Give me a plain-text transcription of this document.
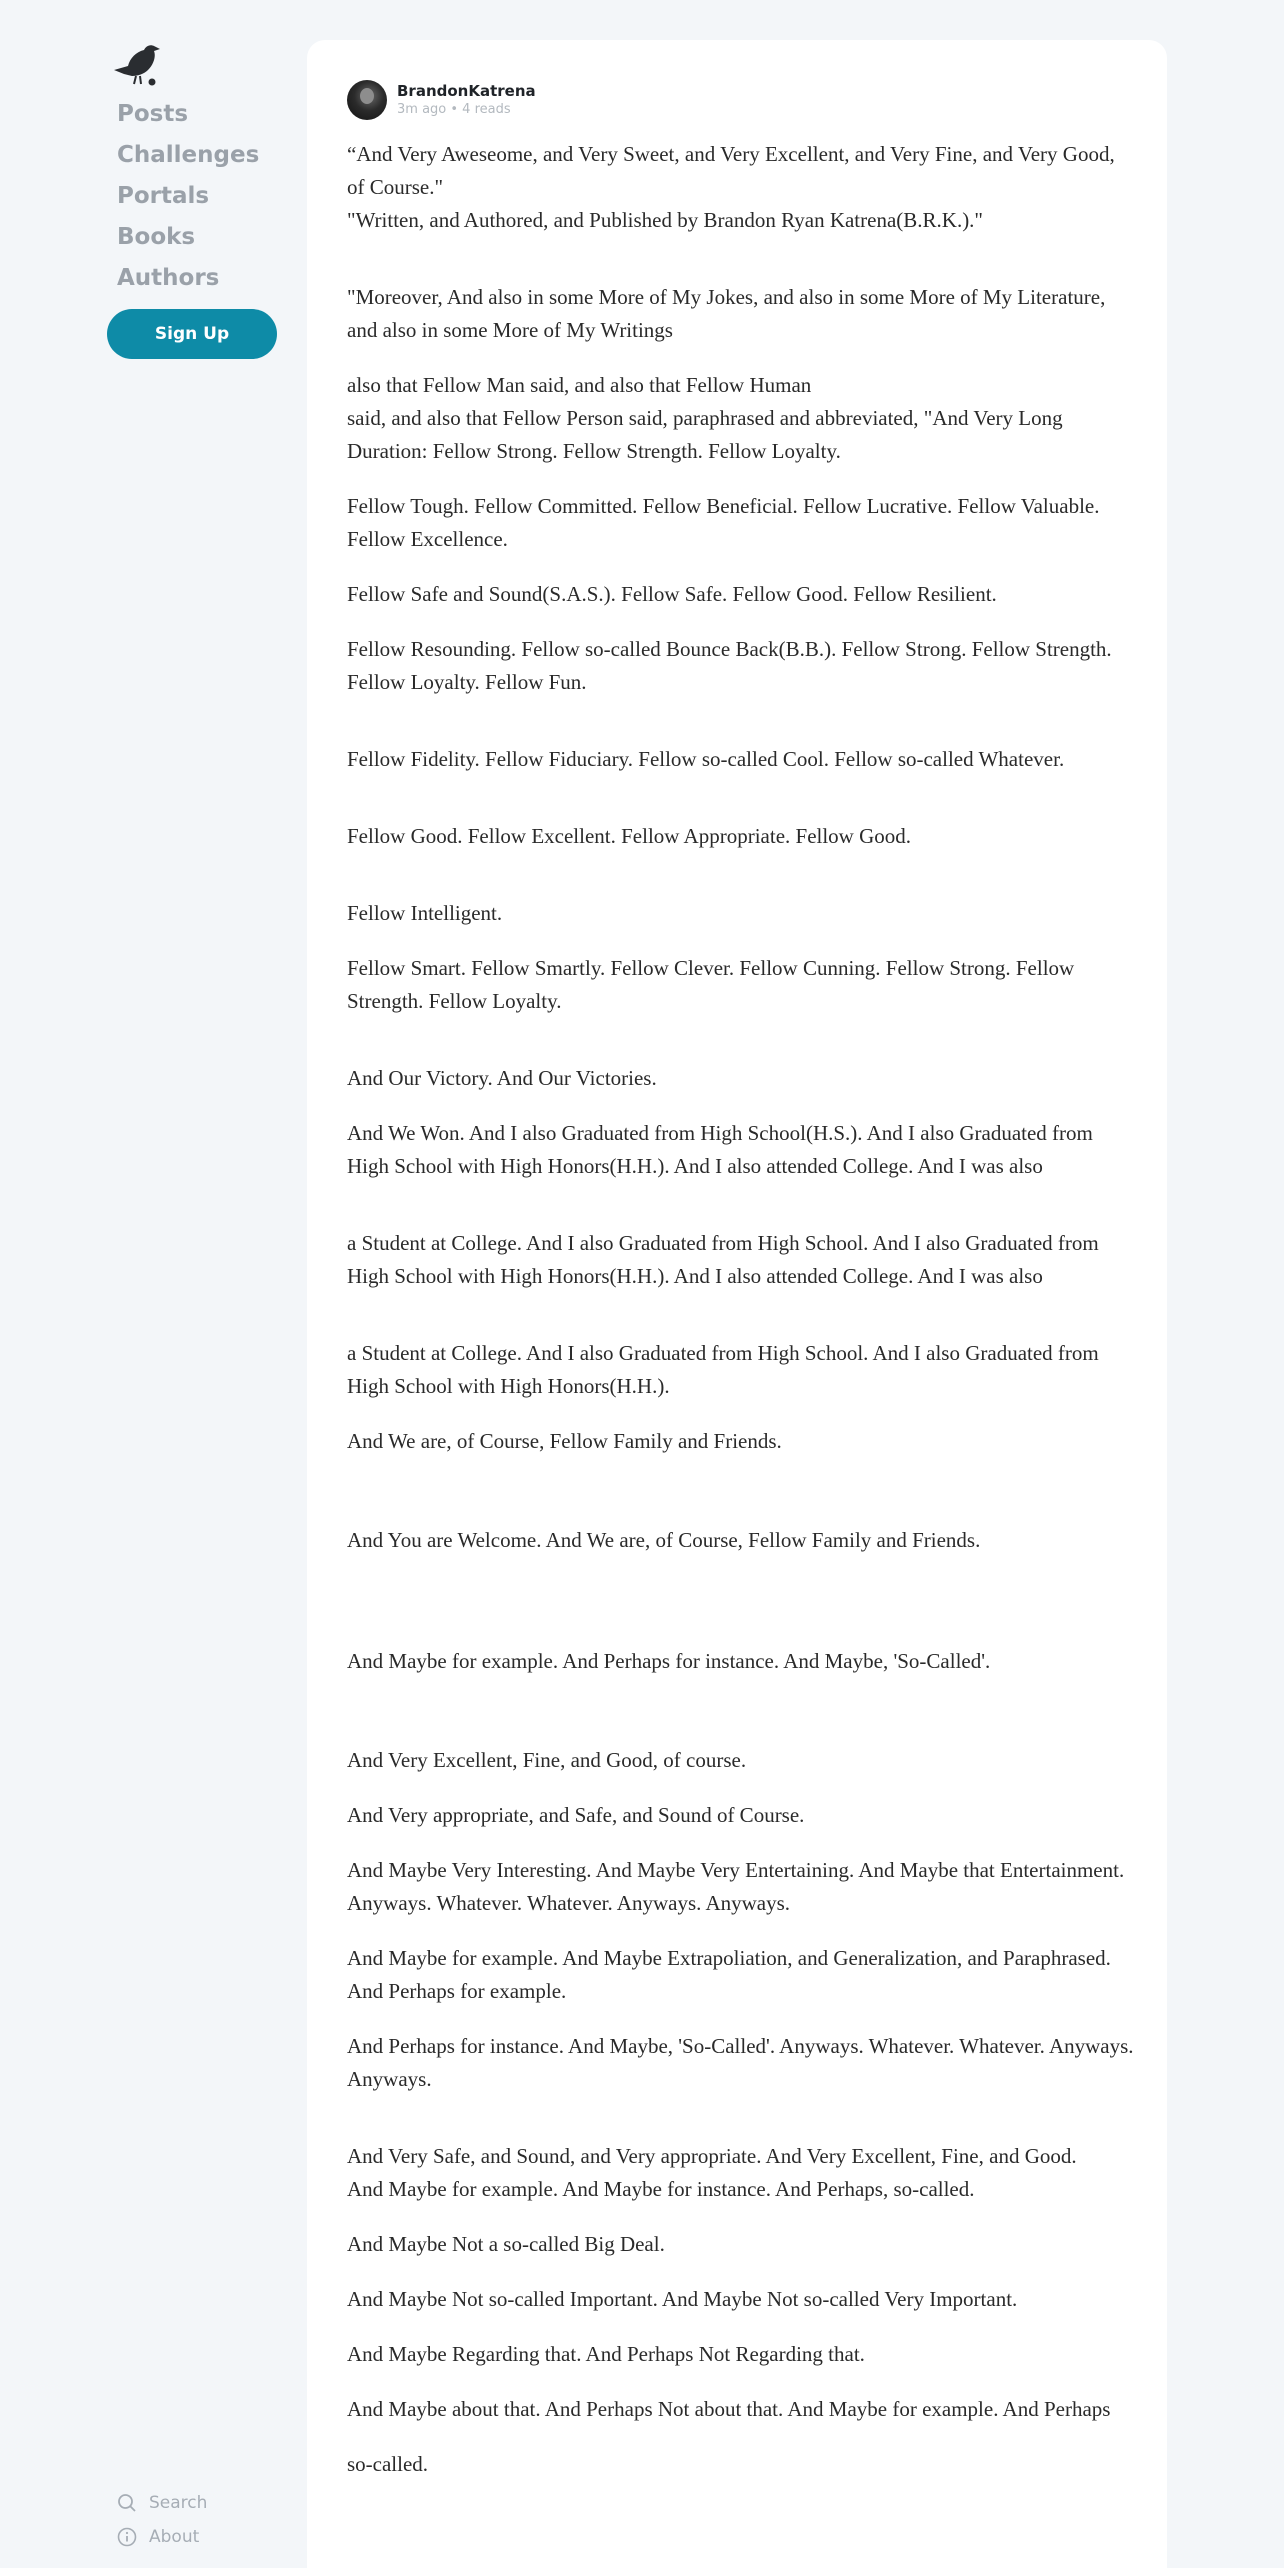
Posts
Challenges
Portals
Books
Authors
Sign Up
Search
About
BrandonKatrena
3m ago • 4 reads

“And Very Aweseome, and Very Sweet, and Very Excellent, and Very Fine, and Very Good, of Course."

"Written, and Authored, and Published by Brandon Ryan Katrena(B.R.K.)."

"Moreover, And also in some More of My Jokes, and also in some More of My Literature, and also in some More of My Writings

also that Fellow Man said, and also that Fellow Human

said, and also that Fellow Person said, paraphrased and abbreviated, "And Very Long Duration: Fellow Strong. Fellow Strength. Fellow Loyalty.

Fellow Tough. Fellow Committed. Fellow Beneficial. Fellow Lucrative. Fellow Valuable. Fellow Excellence.

Fellow Safe and Sound(S.A.S.). Fellow Safe. Fellow Good. Fellow Resilient.

Fellow Resounding. Fellow so-called Bounce Back(B.B.). Fellow Strong. Fellow Strength. Fellow Loyalty. Fellow Fun.

Fellow Fidelity. Fellow Fiduciary. Fellow so-called Cool. Fellow so-called Whatever.

Fellow Good. Fellow Excellent. Fellow Appropriate. Fellow Good.

Fellow Intelligent.

Fellow Smart. Fellow Smartly. Fellow Clever. Fellow Cunning. Fellow Strong. Fellow Strength. Fellow Loyalty.

And Our Victory. And Our Victories.

And We Won. And I also Graduated from High School(H.S.). And I also Graduated from High School with High Honors(H.H.). And I also attended College. And I was also

a Student at College. And I also Graduated from High School. And I also Graduated from High School with High Honors(H.H.). And I also attended College. And I was also

a Student at College. And I also Graduated from High School. And I also Graduated from High School with High Honors(H.H.).

And We are, of Course, Fellow Family and Friends.

And You are Welcome. And We are, of Course, Fellow Family and Friends.

And Maybe for example. And Perhaps for instance. And Maybe, 'So-Called'.

And Very Excellent, Fine, and Good, of course.

And Very appropriate, and Safe, and Sound of Course.

And Maybe Very Interesting. And Maybe Very Entertaining. And Maybe that Entertainment. Anyways. Whatever. Whatever. Anyways. Anyways.

And Maybe for example. And Maybe Extrapoliation, and Generalization, and Paraphrased. And Perhaps for example.

And Perhaps for instance. And Maybe, 'So-Called'. Anyways. Whatever. Whatever. Anyways. Anyways.

And Very Safe, and Sound, and Very appropriate. And Very Excellent, Fine, and Good.

And Maybe for example. And Maybe for instance. And Perhaps, so-called.

And Maybe Not a so-called Big Deal.

And Maybe Not so-called Important. And Maybe Not so-called Very Important.

And Maybe Regarding that. And Perhaps Not Regarding that.

And Maybe about that. And Perhaps Not about that. And Maybe for example. And Perhaps

so-called.
